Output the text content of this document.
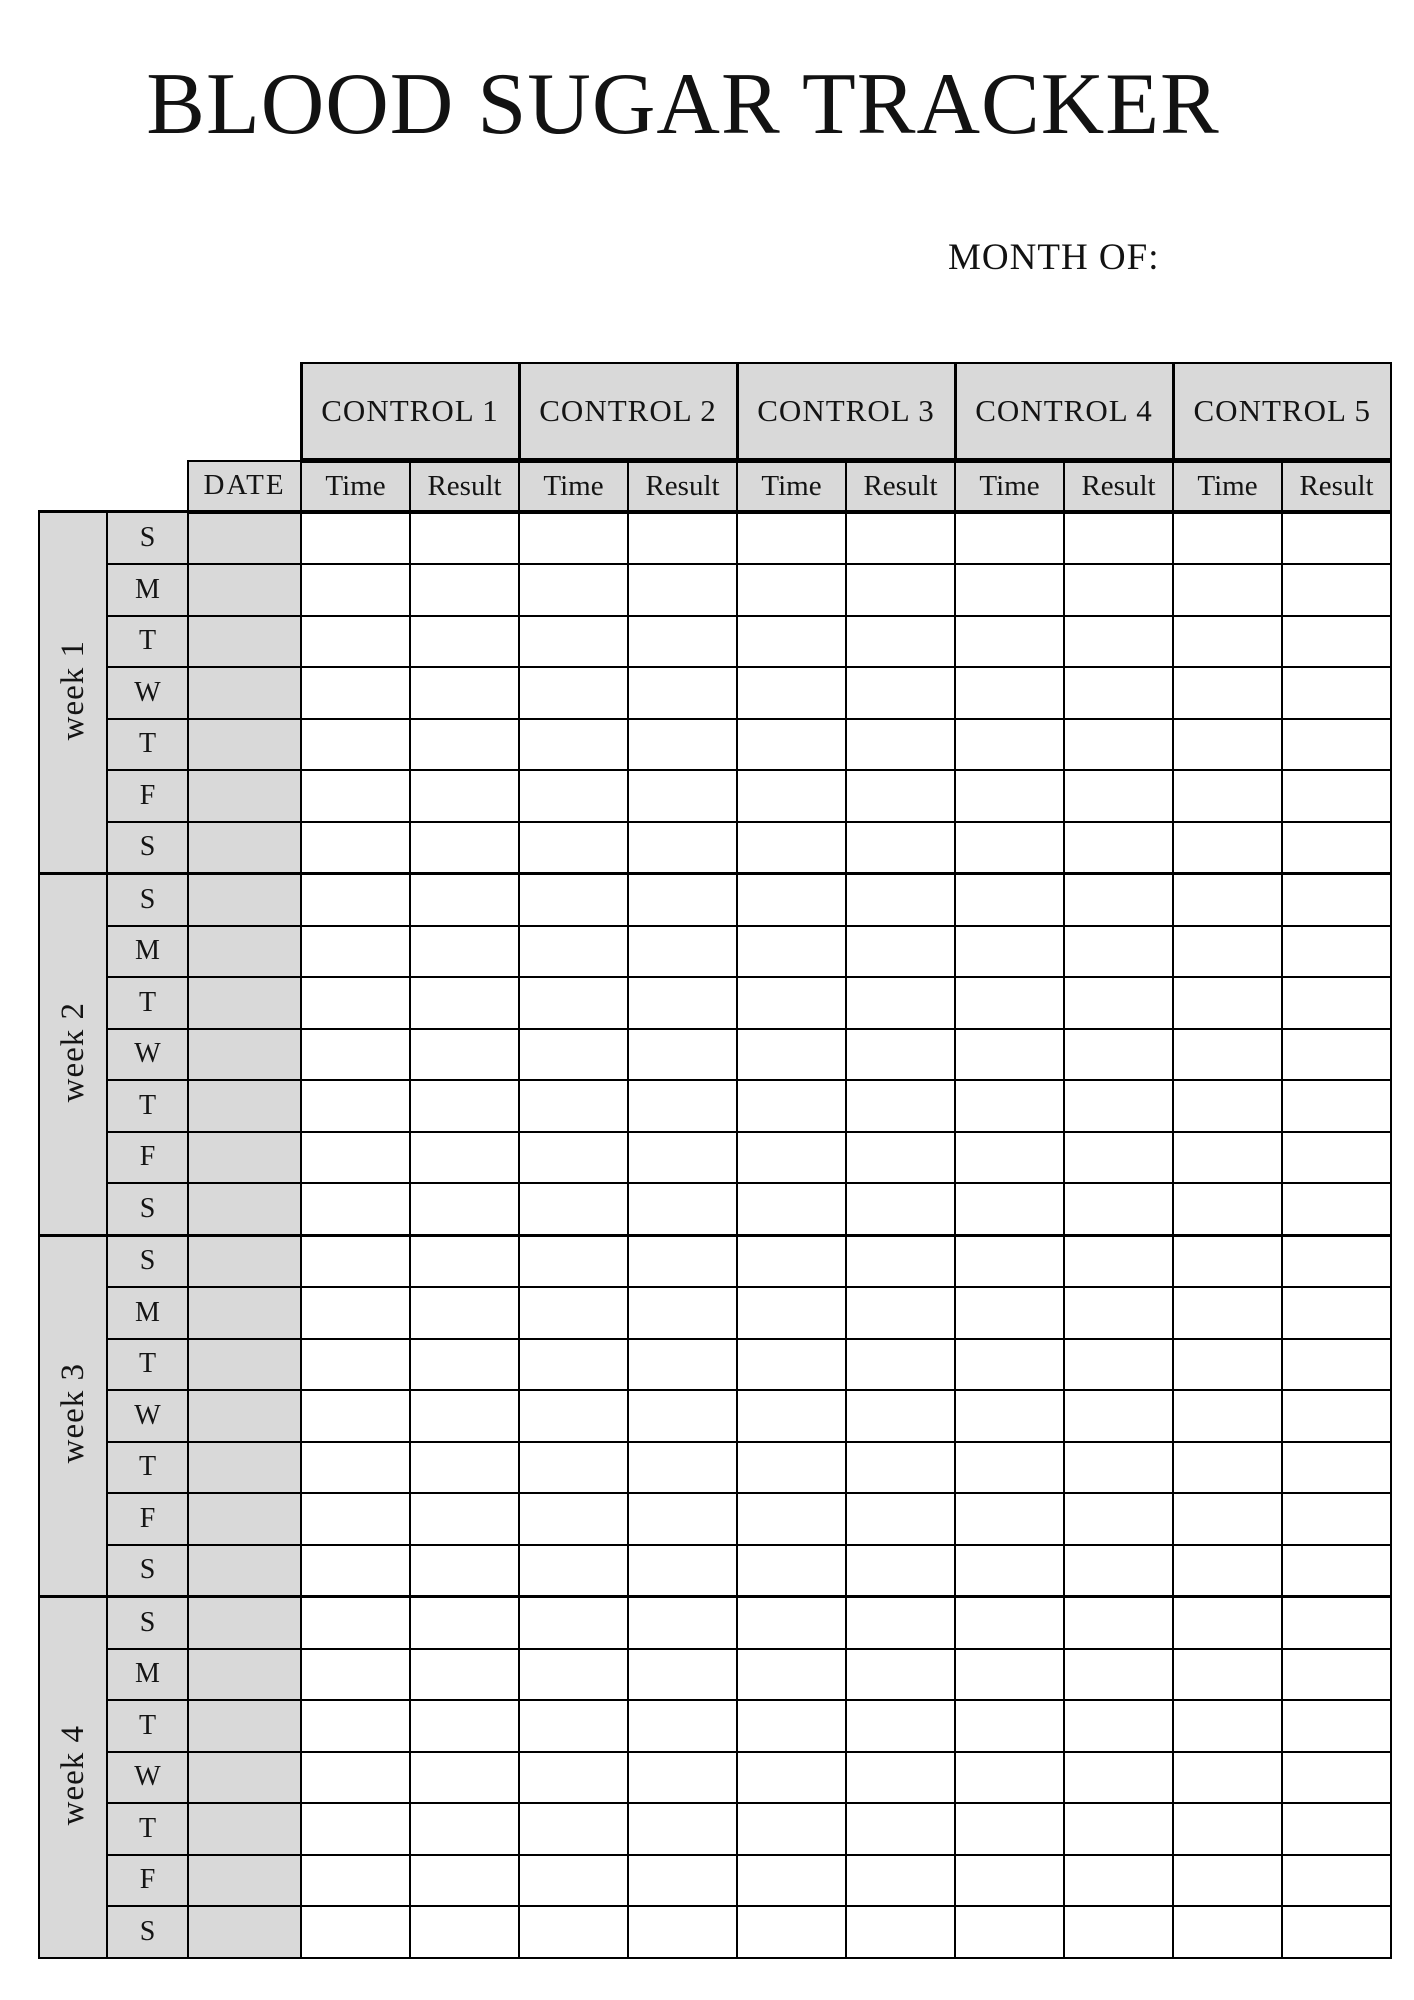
BLOOD SUGAR TRACKER
MONTH OF:
			CONTROL 1		CONTROL 2		CONTROL 3		CONTROL 4		CONTROL 5	
		DATE	Time	Result	Time	Result	Time	Result	Time	Result	Time	Result
week 1	S											
	M											
	T											
	W											
	T											
	F											
	S											
week 2	S											
	M											
	T											
	W											
	T											
	F											
	S											
week 3	S											
	M											
	T											
	W											
	T											
	F											
	S											
week 4	S											
	M											
	T											
	W											
	T											
	F											
	S											
